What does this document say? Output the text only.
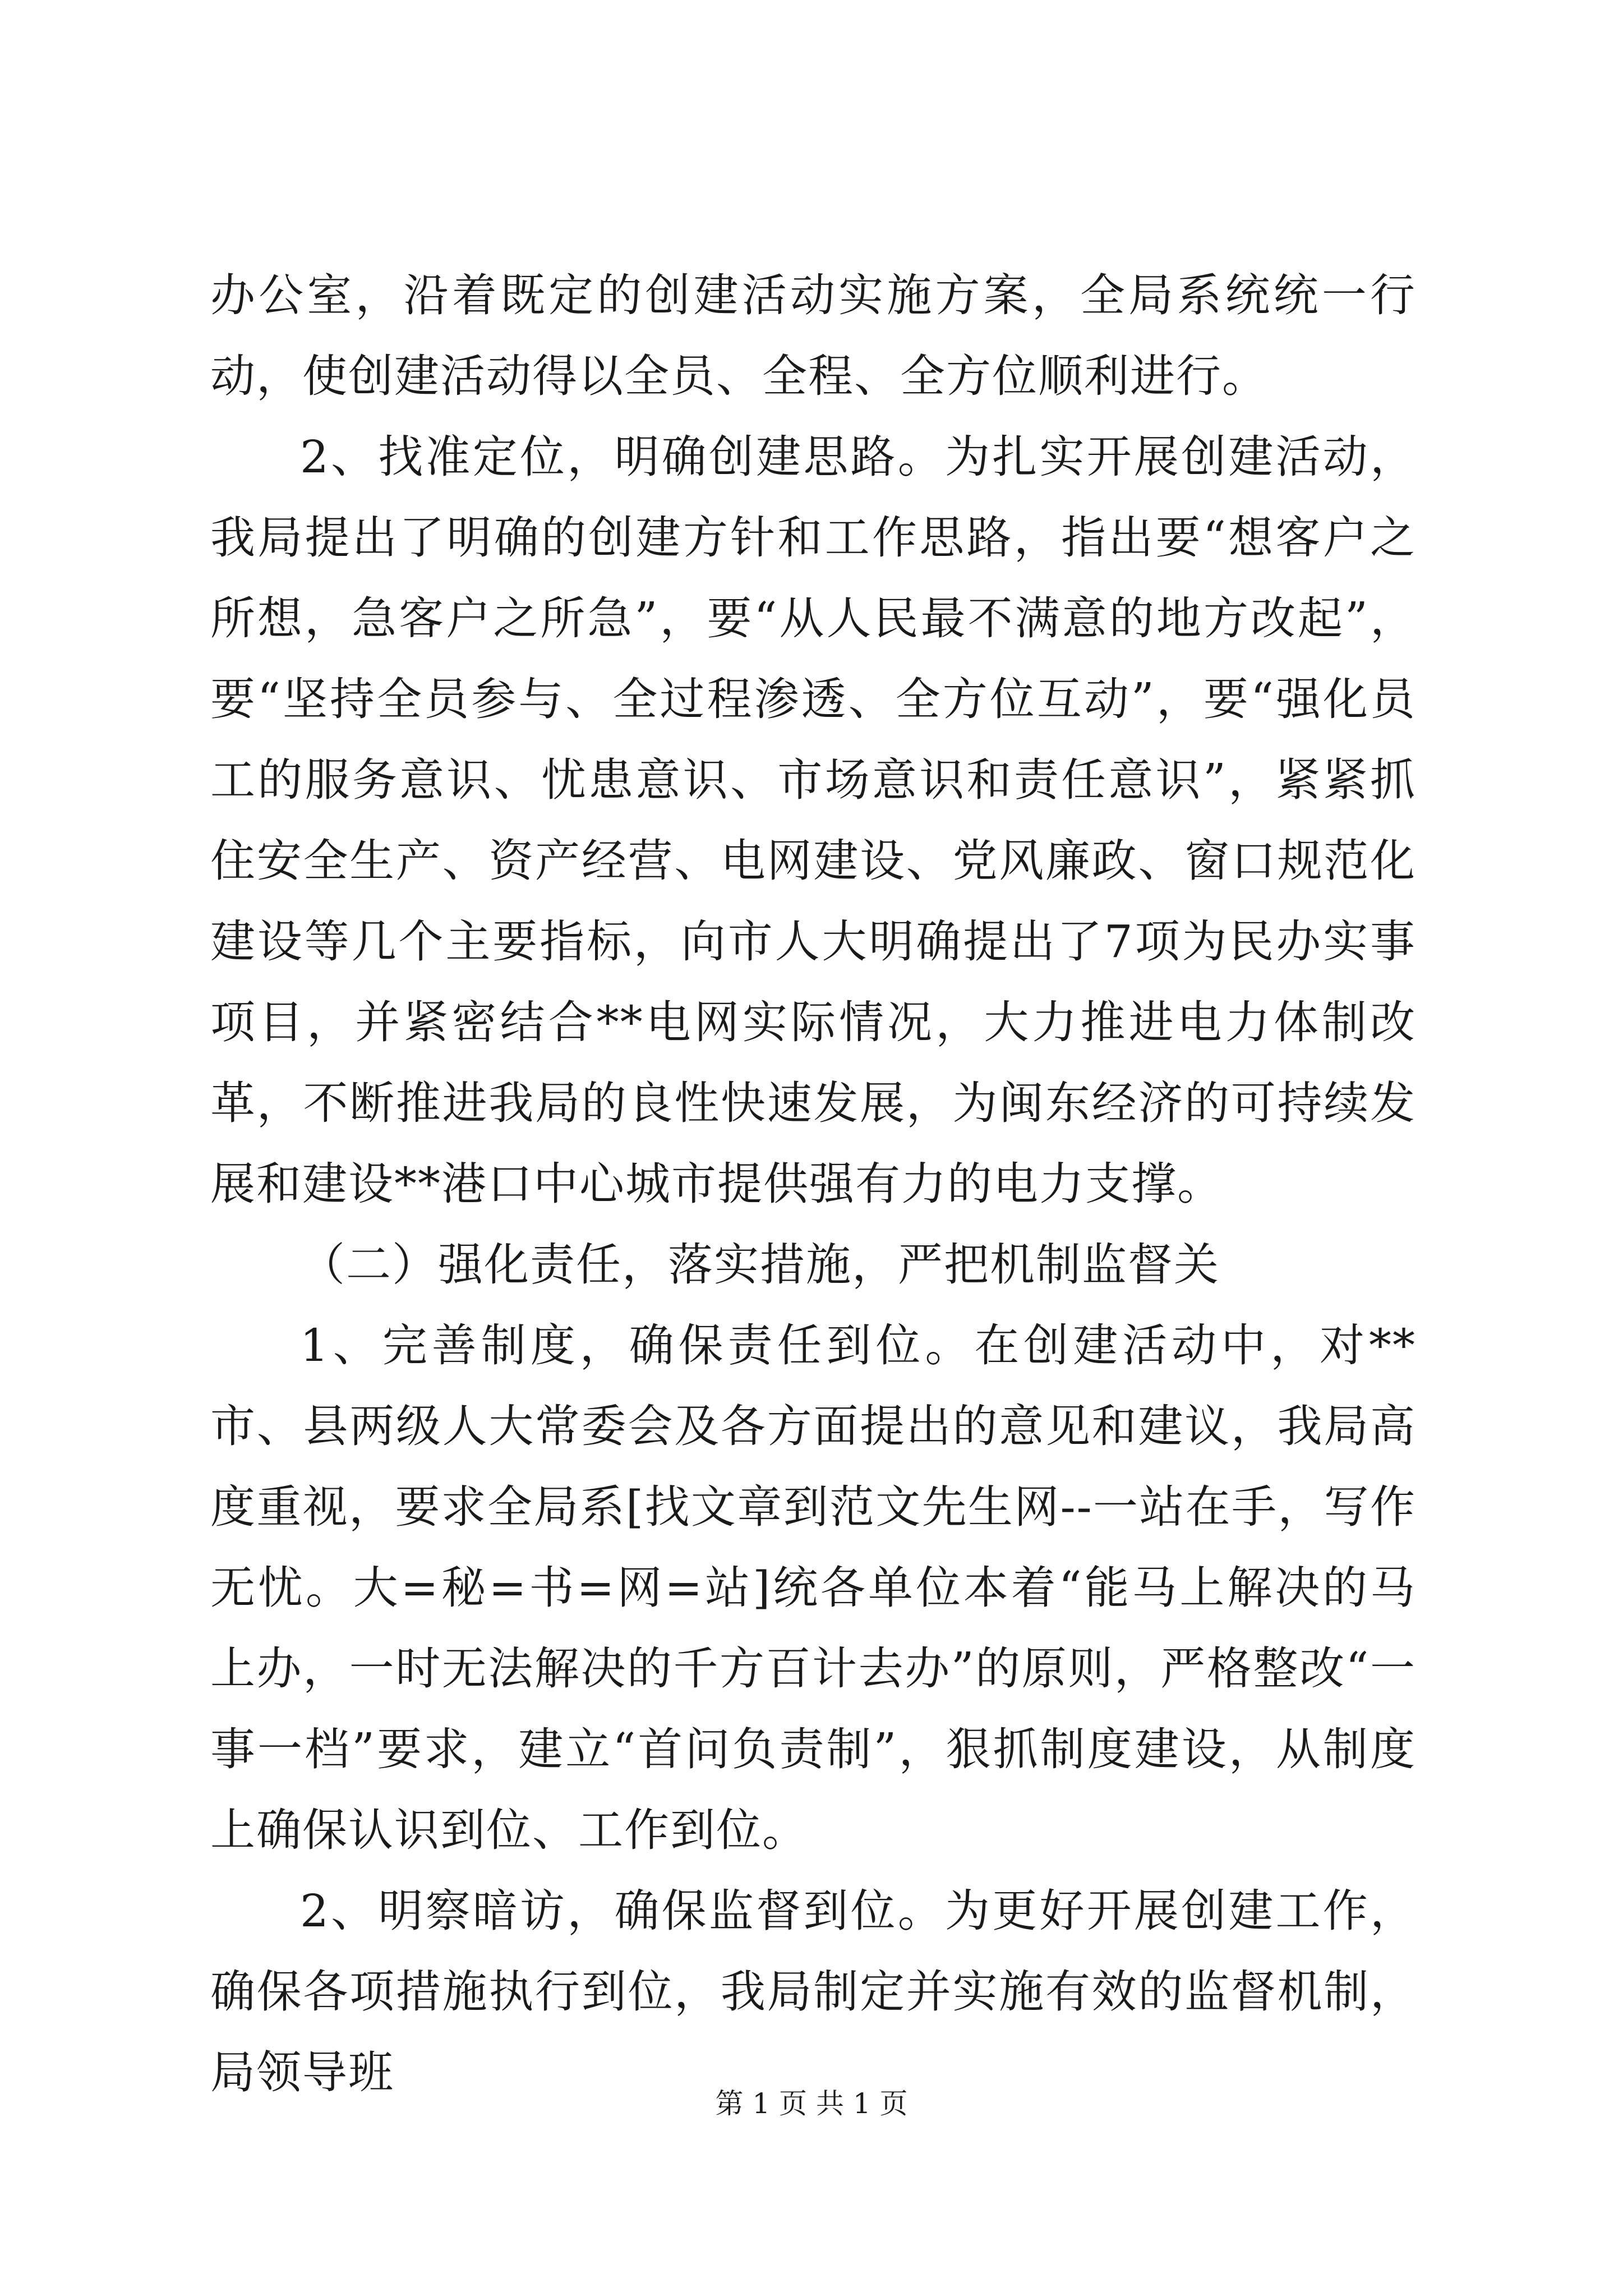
办公室，沿着既定的创建活动实施方案，全局系统统一行动，使创建活动得以全员、全程、全方位顺利进行。

2、找准定位，明确创建思路。为扎实开展创建活动，我局提出了明确的创建方针和工作思路，指出要“想客户之所想，急客户之所急”，要“从人民最不满意的地方改起”，要“坚持全员参与、全过程渗透、全方位互动”，要“强化员工的服务意识、忧患意识、市场意识和责任意识”，紧紧抓住安全生产、资产经营、电网建设、党风廉政、窗口规范化建设等几个主要指标，向市人大明确提出了7项为民办实事项目，并紧密结合**电网实际情况，大力推进电力体制改革，不断推进我局的良性快速发展，为闽东经济的可持续发展和建设**港口中心城市提供强有力的电力支撑。

（二）强化责任，落实措施，严把机制监督关

1、完善制度，确保责任到位。在创建活动中，对**市、县两级人大常委会及各方面提出的意见和建议，我局高度重视，要求全局系[找文章到范文先生网--一站在手，写作无忧。大=秘=书=网=站]统各单位本着“能马上解决的马上办，一时无法解决的千方百计去办”的原则，严格整改“一事一档”要求，建立“首问负责制”，狠抓制度建设，从制度上确保认识到位、工作到位。

2、明察暗访，确保监督到位。为更好开展创建工作，确保各项措施执行到位，我局制定并实施有效的监督机制，局领导班

第 1 页 共 1 页
